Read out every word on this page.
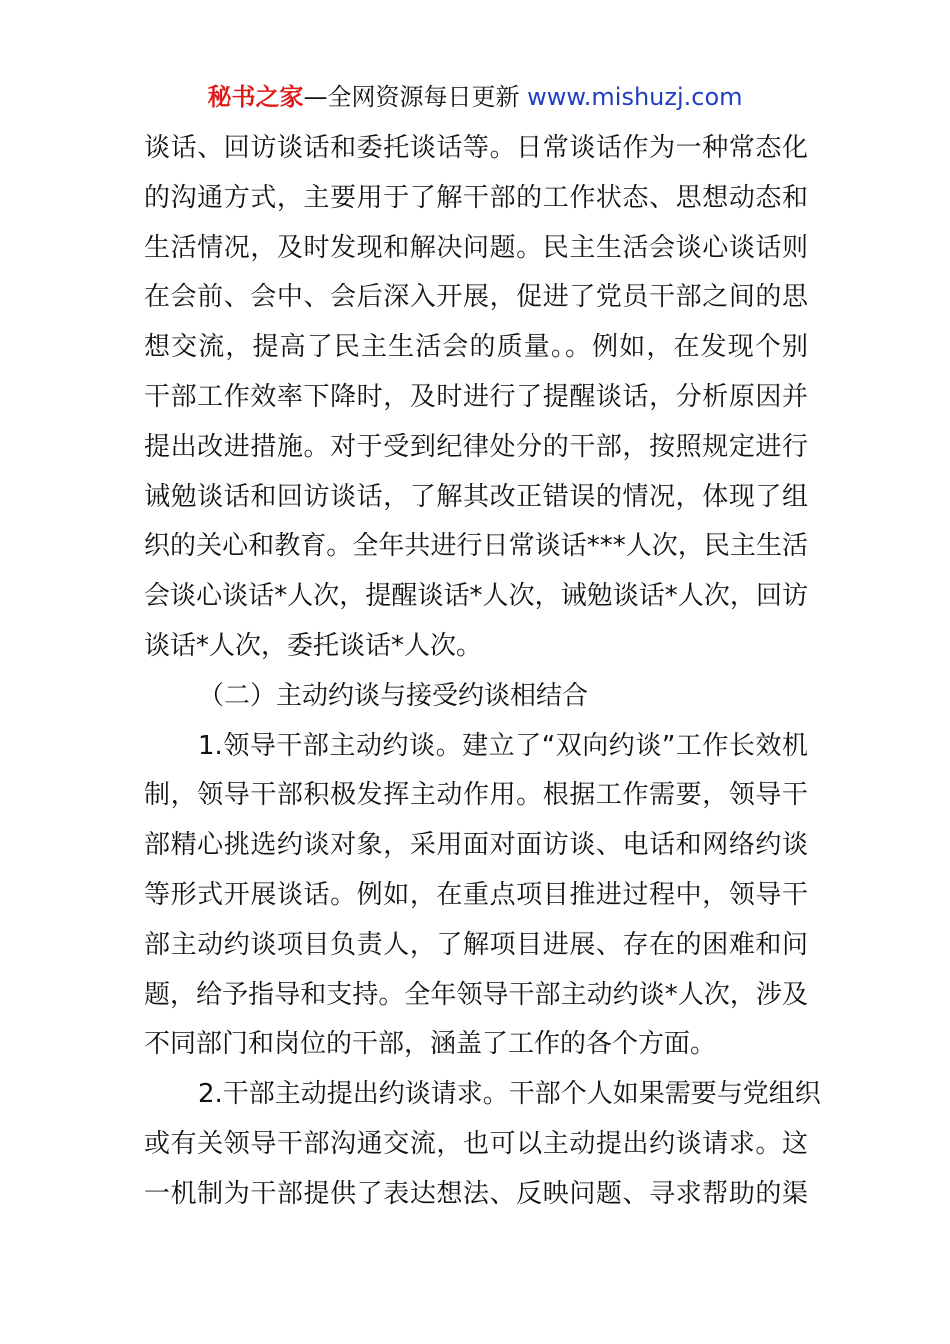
秘书之家—全网资源每日更新 www.mishuzj.com
谈话、回访谈话和委托谈话等。日常谈话作为一种常态化
的沟通方式，主要用于了解干部的工作状态、思想动态和
生活情况，及时发现和解决问题。民主生活会谈心谈话则
在会前、会中、会后深入开展，促进了党员干部之间的思
想交流，提高了民主生活会的质量。。例如，在发现个别
干部工作效率下降时，及时进行了提醒谈话，分析原因并
提出改进措施。对于受到纪律处分的干部，按照规定进行
诫勉谈话和回访谈话，了解其改正错误的情况，体现了组
织的关心和教育。全年共进行日常谈话***人次，民主生活
会谈心谈话*人次，提醒谈话*人次，诫勉谈话*人次，回访
谈话*人次，委托谈话*人次。
（二）主动约谈与接受约谈相结合
1.领导干部主动约谈。建立了“双向约谈”工作长效机
制，领导干部积极发挥主动作用。根据工作需要，领导干
部精心挑选约谈对象，采用面对面访谈、电话和网络约谈
等形式开展谈话。例如，在重点项目推进过程中，领导干
部主动约谈项目负责人，了解项目进展、存在的困难和问
题，给予指导和支持。全年领导干部主动约谈*人次，涉及
不同部门和岗位的干部，涵盖了工作的各个方面。
2.干部主动提出约谈请求。干部个人如果需要与党组织
或有关领导干部沟通交流，也可以主动提出约谈请求。这
一机制为干部提供了表达想法、反映问题、寻求帮助的渠
